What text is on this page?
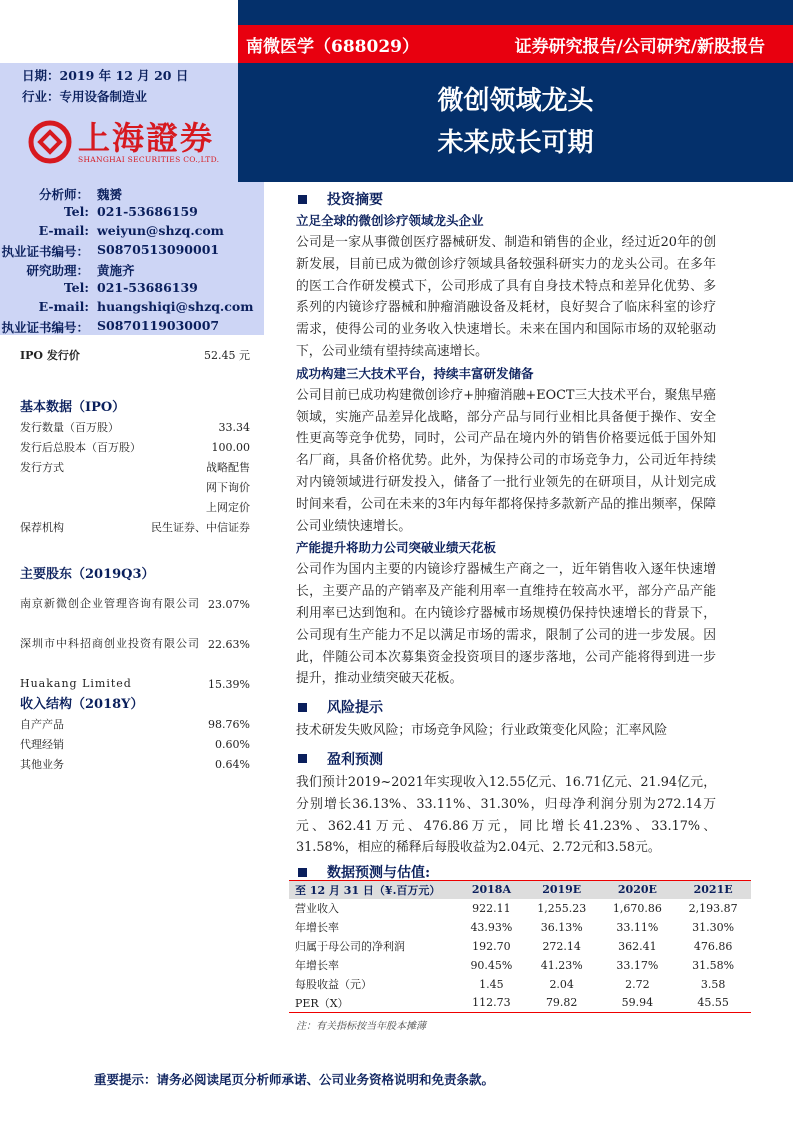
南微医学（688029）	证券研究报告/公司研究/新股报告
微创领域龙头
未来成长可期
日期：2019 年 12 月 20 日
行业：专用设备制造业
上海證券
SHANGHAI SECURITIES CO.,LTD.
分析师： 魏赟
Tel: 021-53686159
E-mail: weiyun@shzq.com
执业证书编号： S0870513090001
研究助理： 黄施齐
Tel: 021-53686139
E-mail: huangshiqi@shzq.com
执业证书编号： S0870119030007
IPO 发行价	52.45 元
基本数据（IPO）
发行数量（百万股）	33.34
发行后总股本（百万股）	100.00
发行方式	战略配售
网下询价
上网定价
保荐机构	民生证券、中信证券
主要股东（2019Q3）
南京新微创企业管理咨询有限公司 23.07%
深圳市中科招商创业投资有限公司 22.63%
Huakang Limited	15.39%
收入结构（2018Y）
自产产品	98.76%
代理经销	0.60%
其他业务	0.64%
投资摘要
立足全球的微创诊疗领域龙头企业
公司是一家从事微创医疗器械研发、制造和销售的企业，经过近20年的创新发展，目前已成为微创诊疗领域具备较强科研实力的龙头公司。在多年的医工合作研发模式下，公司形成了具有自身技术特点和差异化优势、多系列的内镜诊疗器械和肿瘤消融设备及耗材，良好契合了临床科室的诊疗需求，使得公司的业务收入快速增长。未来在国内和国际市场的双轮驱动下，公司业绩有望持续高速增长。
成功构建三大技术平台，持续丰富研发储备
公司目前已成功构建微创诊疗+肿瘤消融+EOCT三大技术平台，聚焦早癌领域，实施产品差异化战略，部分产品与同行业相比具备便于操作、安全性更高等竞争优势，同时，公司产品在境内外的销售价格要远低于国外知名厂商，具备价格优势。此外，为保持公司的市场竞争力，公司近年持续对内镜领域进行研发投入，储备了一批行业领先的在研项目，从计划完成时间来看，公司在未来的3年内每年都将保持多款新产品的推出频率，保障公司业绩快速增长。
产能提升将助力公司突破业绩天花板
公司作为国内主要的内镜诊疗器械生产商之一，近年销售收入逐年快速增长，主要产品的产销率及产能利用率一直维持在较高水平，部分产品产能利用率已达到饱和。在内镜诊疗器械市场规模仍保持快速增长的背景下，公司现有生产能力不足以满足市场的需求，限制了公司的进一步发展。因此，伴随公司本次募集资金投资项目的逐步落地，公司产能将得到进一步提升，推动业绩突破天花板。
风险提示
技术研发失败风险；市场竞争风险；行业政策变化风险；汇率风险
盈利预测
我们预计2019~2021年实现收入12.55亿元、16.71亿元、21.94亿元，分别增长36.13%、33.11%、31.30%，归母净利润分别为272.14万元、362.41万元、476.86万元，同比增长41.23%、33.17%、31.58%，相应的稀释后每股收益为2.04元、2.72元和3.58元。
数据预测与估值:
至 12 月 31 日（¥.百万元）	2018A	2019E	2020E	2021E
营业收入	922.11	1,255.23	1,670.86	2,193.87
年增长率	43.93%	36.13%	33.11%	31.30%
归属于母公司的净利润	192.70	272.14	362.41	476.86
年增长率	90.45%	41.23%	33.17%	31.58%
每股收益（元）	1.45	2.04	2.72	3.58
PER（X）	112.73	79.82	59.94	45.55
注：有关指标按当年股本摊薄
重要提示：请务必阅读尾页分析师承诺、公司业务资格说明和免责条款。
